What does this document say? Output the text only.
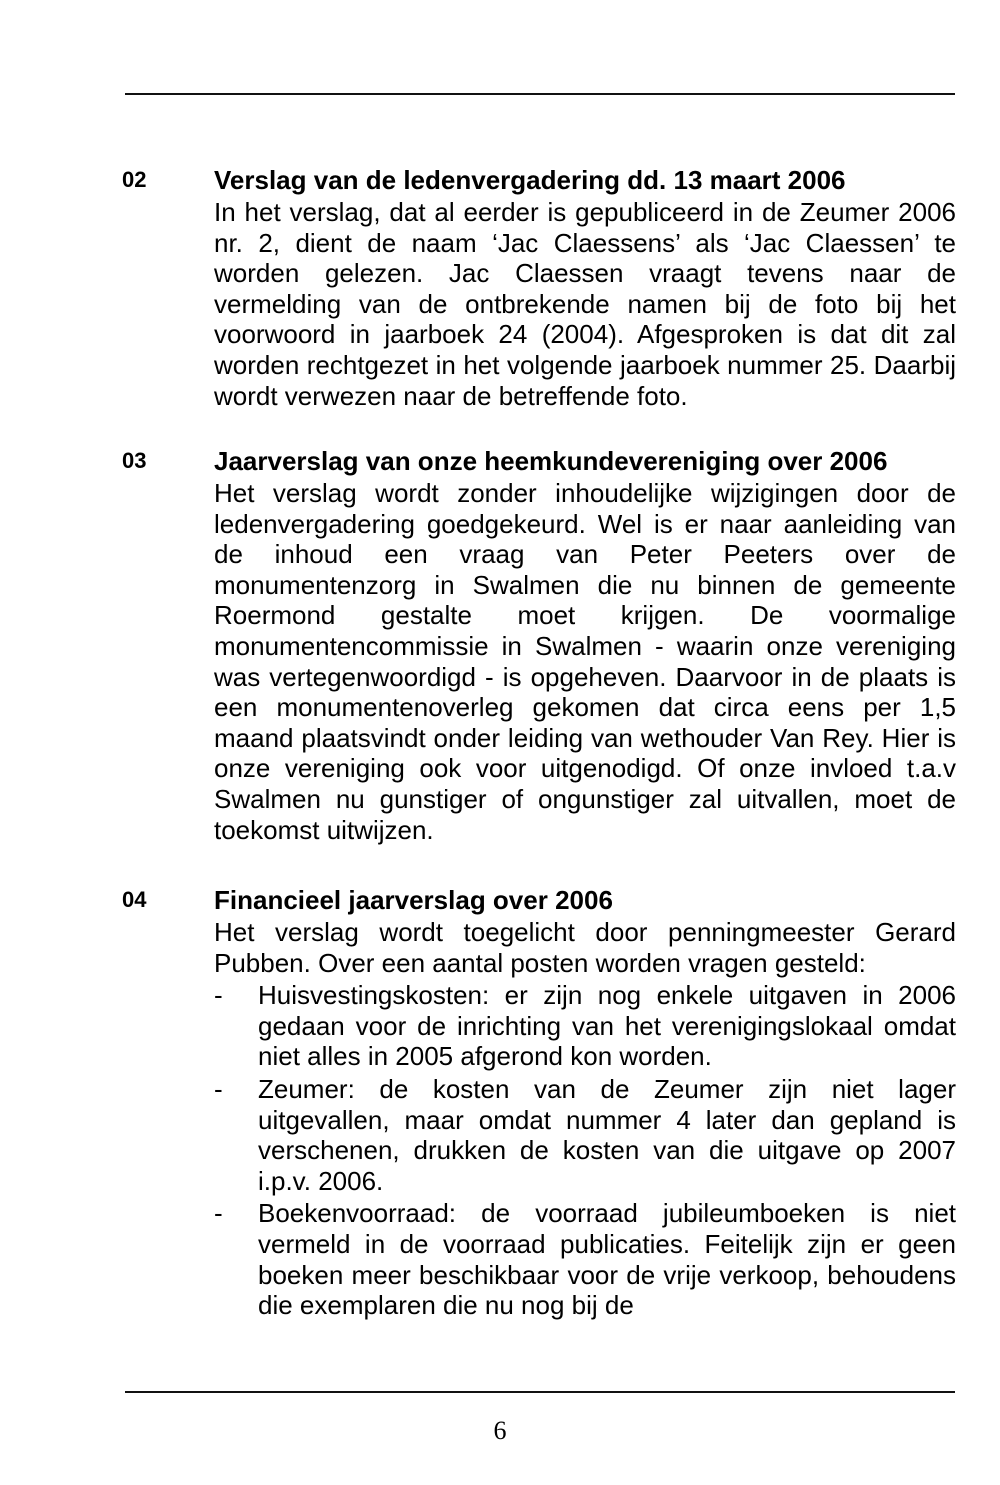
02	Verslag van de ledenvergadering dd. 13 maart 2006
In het verslag, dat al eerder is gepubliceerd in de Zeumer 2006 nr. 2, dient de naam ‘Jac Claessens’ als ‘Jac Claessen’ te worden gelezen. Jac Claessen vraagt tevens naar de vermelding van de ontbrekende namen bij de foto bij het voorwoord in jaarboek 24 (2004). Afgesproken is dat dit zal worden rechtgezet in het volgende jaarboek nummer 25. Daarbij wordt verwezen naar de betreffende foto.
03	Jaarverslag van onze heemkundevereniging over 2006
Het verslag wordt zonder inhoudelijke wijzigingen door de ledenvergadering goedgekeurd. Wel is er naar aanleiding van de inhoud een vraag van Peter Peeters over de monumentenzorg in Swalmen die nu binnen de gemeente Roermond gestalte moet krijgen. De voormalige monumentencommissie in Swalmen - waarin onze vereniging was vertegenwoordigd - is opgeheven. Daarvoor in de plaats is een monumentenoverleg gekomen dat circa eens per 1,5 maand plaatsvindt onder leiding van wethouder Van Rey. Hier is onze vereniging ook voor uitgenodigd. Of onze invloed t.a.v Swalmen nu gunstiger of ongunstiger zal uitvallen, moet de toekomst uitwijzen.
04	Financieel jaarverslag over 2006
Het verslag wordt toegelicht door penningmeester Gerard Pubben. Over een aantal posten worden vragen gesteld:
- Huisvestingskosten: er zijn nog enkele uitgaven in 2006 gedaan voor de inrichting van het verenigingslokaal omdat niet alles in 2005 afgerond kon worden.
- Zeumer: de kosten van de Zeumer zijn niet lager uitgevallen, maar omdat nummer 4 later dan gepland is verschenen, drukken de kosten van die uitgave op 2007 i.p.v. 2006.
- Boekenvoorraad: de voorraad jubileumboeken is niet vermeld in de voorraad publicaties. Feitelijk zijn er geen boeken meer beschikbaar voor de vrije verkoop, behoudens die exemplaren die nu nog bij de
6
